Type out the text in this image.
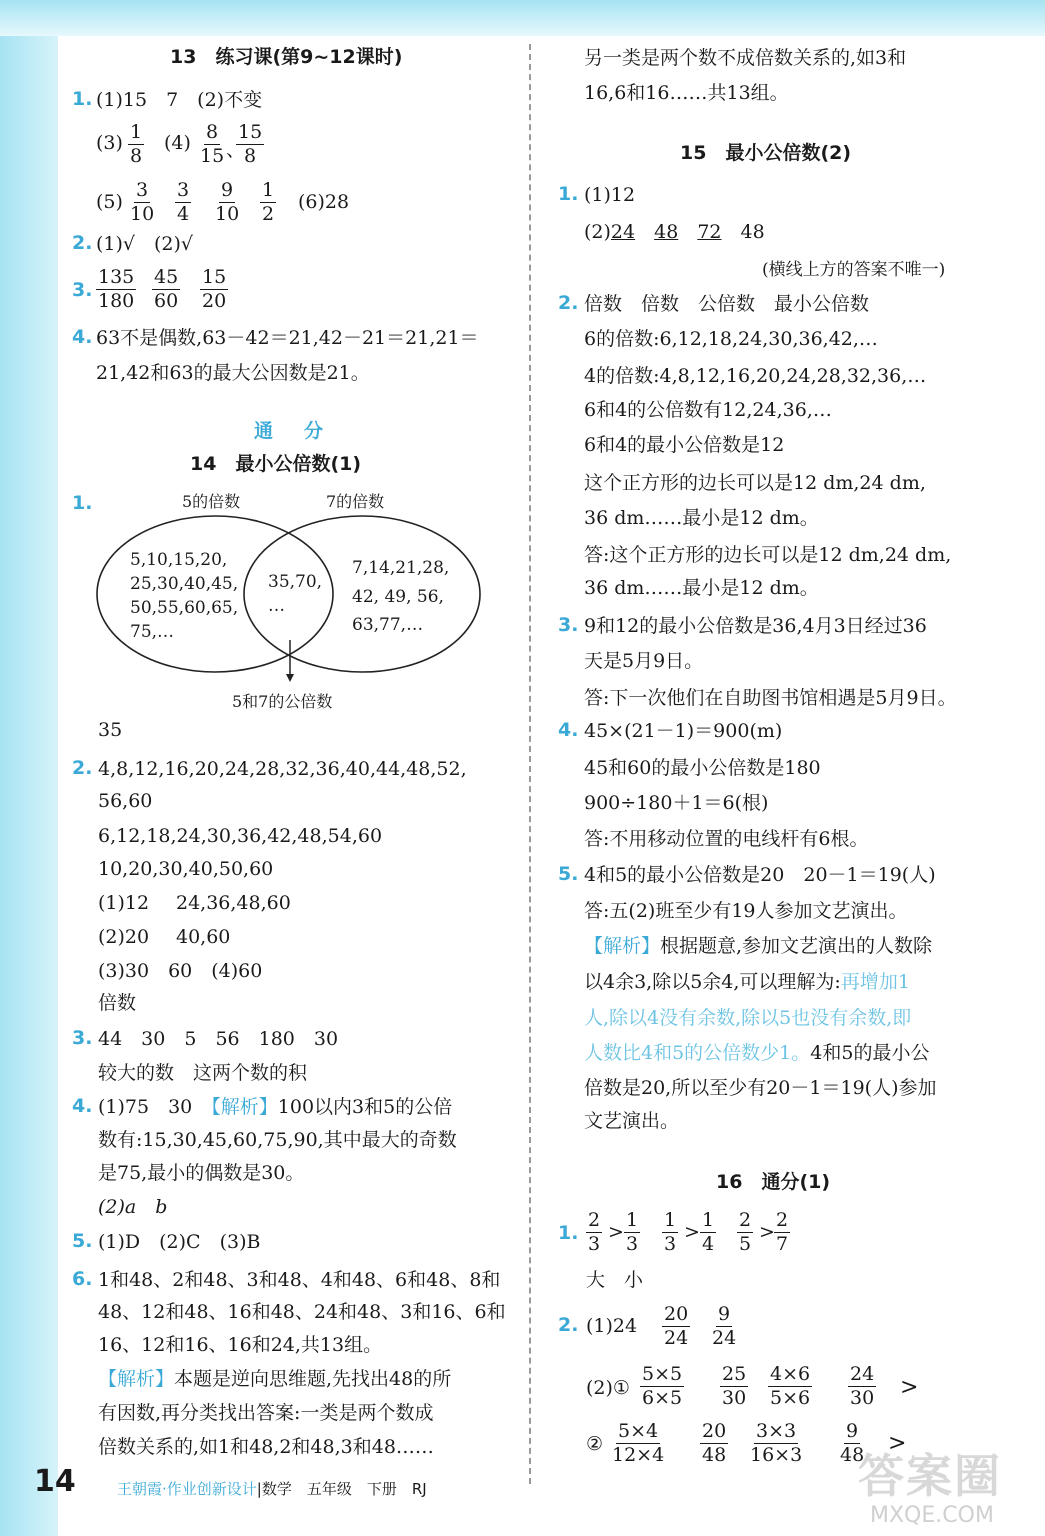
13　练习课(第9~12课时)
1. (1)15　7　(2)不变
$(3) \frac{1}{8} (4) \frac{8}{15}$ 、
$\frac{15}{8}$
$(5) \frac{3}{10} \frac{3}{4} \frac{9}{10} \frac{1}{2} (6)28$
2. (1)√　(2)√
3. $\frac{135}{180} \frac{45}{60} \frac{15}{20}$
4. 63不是偶数,63－42＝21,42－21＝21,21＝
21,42和63的最大公因数是21。
通　分
14　最小公倍数(1)
1.	5的倍数	7的倍数
5,10,15,20,
25,30,40,45,
50,55,60,65,
75,…
35,70,
…
7,14,21,28,
42, 49, 56,
63,77,…
5和7的公倍数
35
2. 4,8,12,16,20,24,28,32,36,40,44,48,52,
56,60
6,12,18,24,30,36,42,48,54,60
10,20,30,40,50,60
(1)12 24,36,48,60
(2)20 40,60
(3)30　60　(4)60
倍数
3. 44　30　5　56　180　30
较大的数　这两个数的积
4. (1)75　30　【解析】100以内3和5的公倍
数有:15,30,45,60,75,90,其中最大的奇数
是75,最小的偶数是30。
(2)a　b
5. (1)D　(2)C　(3)B
6. 1和48、2和48、3和48、4和48、6和48、8和
48、12和48、16和48、24和48、3和16、6和
16、12和16、16和24,共13组。
【解析】本题是逆向思维题,先找出48的所
有因数,再分类找出答案:一类是两个数成
倍数关系的,如1和48,2和48,3和48……
另一类是两个数不成倍数关系的,如3和
16,6和16……共13组。
15　最小公倍数(2)
1. (1)12
(2)24　 48　 72　 48
(横线上方的答案不唯一)
2. 倍数　倍数　公倍数　最小公倍数
6的倍数:6,12,18,24,30,36,42,…
4的倍数:4,8,12,16,20,24,28,32,36,…
6和4的公倍数有12,24,36,…
6和4的最小公倍数是12
这个正方形的边长可以是12 dm,24 dm,
36 dm……最小是12 dm。
答:这个正方形的边长可以是12 dm,24 dm,
36 dm……最小是12 dm。
3. 9和12的最小公倍数是36,4月3日经过36
天是5月9日。
答:下一次他们在自助图书馆相遇是5月9日。
4. 45×(21－1)＝900(m)
45和60的最小公倍数是180
900÷180＋1＝6(根)
答:不用移动位置的电线杆有6根。
5. 4和5的最小公倍数是20　20－1＝19(人)
答:五(2)班至少有19人参加文艺演出。
【解析】根据题意,参加文艺演出的人数除
以4余3,除以5余4,可以理解为:再增加1
人,除以4没有余数,除以5也没有余数,即
人数比4和5的公倍数少1。4和5的最小公
倍数是20,所以至少有20－1＝19(人)参加
文艺演出。
16　通分(1)
1. $\frac{2}{3} > \frac{1}{3} \frac{1}{3} > \frac{1}{4} \frac{2}{5} > \frac{2}{7}$
大　小
2. $(1)24 \frac{20}{24} \frac{9}{24}$
(2)① $\frac{5\times 5}{6\times 5} \frac{25}{30} \frac{4\times 6}{5\times 6} \frac{24}{30}$ >
② $\frac{5\times 4}{12\times 4} \frac{20}{48} \frac{3\times 3}{16\times 3} \frac{9}{48}$ >
14	王朝霞·作业创新设计|数学　五年级　下册　RJ	答案圈
MXQE.COM
